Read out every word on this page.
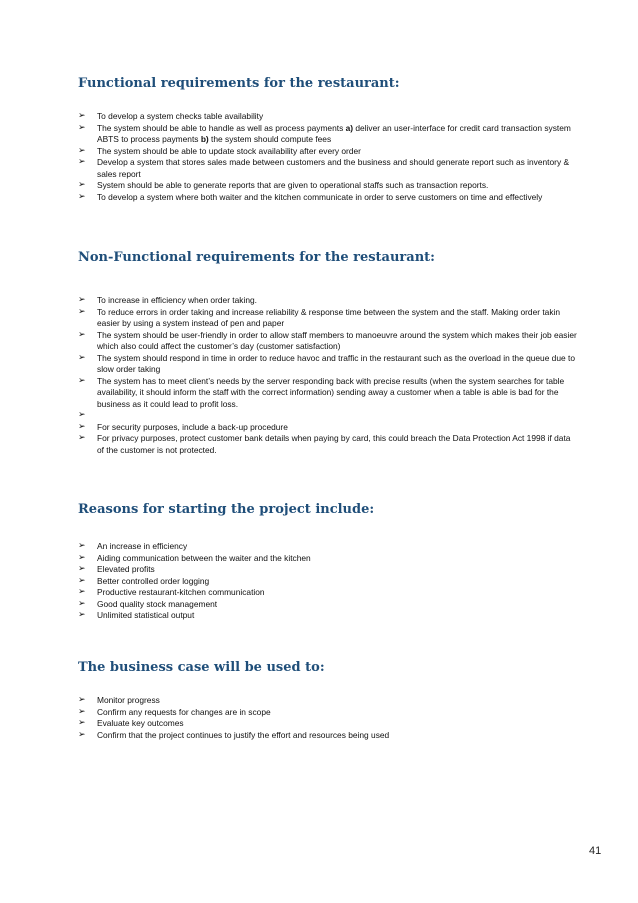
Functional requirements for the restaurant:
➢ To develop a system checks table availability
➢ The system should be able to handle as well as process payments a) deliver an user-interface for credit card transaction system ABTS to process payments b) the system should compute fees
➢ The system should be able to update stock availability after every order
➢ Develop a system that stores sales made between customers and the business and should generate report such as inventory & sales report
➢ System should be able to generate reports that are given to operational staffs such as transaction reports.
➢ To develop a system where both waiter and the kitchen communicate in order to serve customers on time and effectively
Non-Functional requirements for the restaurant:
➢ To increase in efficiency when order taking.
➢ To reduce errors in order taking and increase reliability & response time between the system and the staff. Making order takin easier by using a system instead of pen and paper
➢ The system should be user-friendly in order to allow staff members to manoeuvre around the system which makes their job easier which also could affect the customer’s day (customer satisfaction)
➢ The system should respond in time in order to reduce havoc and traffic in the restaurant such as the overload in the queue due to slow order taking
➢ The system has to meet client’s needs by the server responding back with precise results (when the system searches for table availability, it should inform the staff with the correct information) sending away a customer when a table is able is bad for the business as it could lead to profit loss.
➢

➢ For security purposes, include a back-up procedure
➢ For privacy purposes, protect customer bank details when paying by card, this could breach the Data Protection Act 1998 if data of the customer is not protected.
Reasons for starting the project include:
➢ An increase in efficiency
➢ Aiding communication between the waiter and the kitchen
➢ Elevated profits
➢ Better controlled order logging
➢ Productive restaurant-kitchen communication
➢ Good quality stock management
➢ Unlimited statistical output
The business case will be used to:
➢ Monitor progress
➢ Confirm any requests for changes are in scope
➢ Evaluate key outcomes
➢ Confirm that the project continues to justify the effort and resources being used
41
